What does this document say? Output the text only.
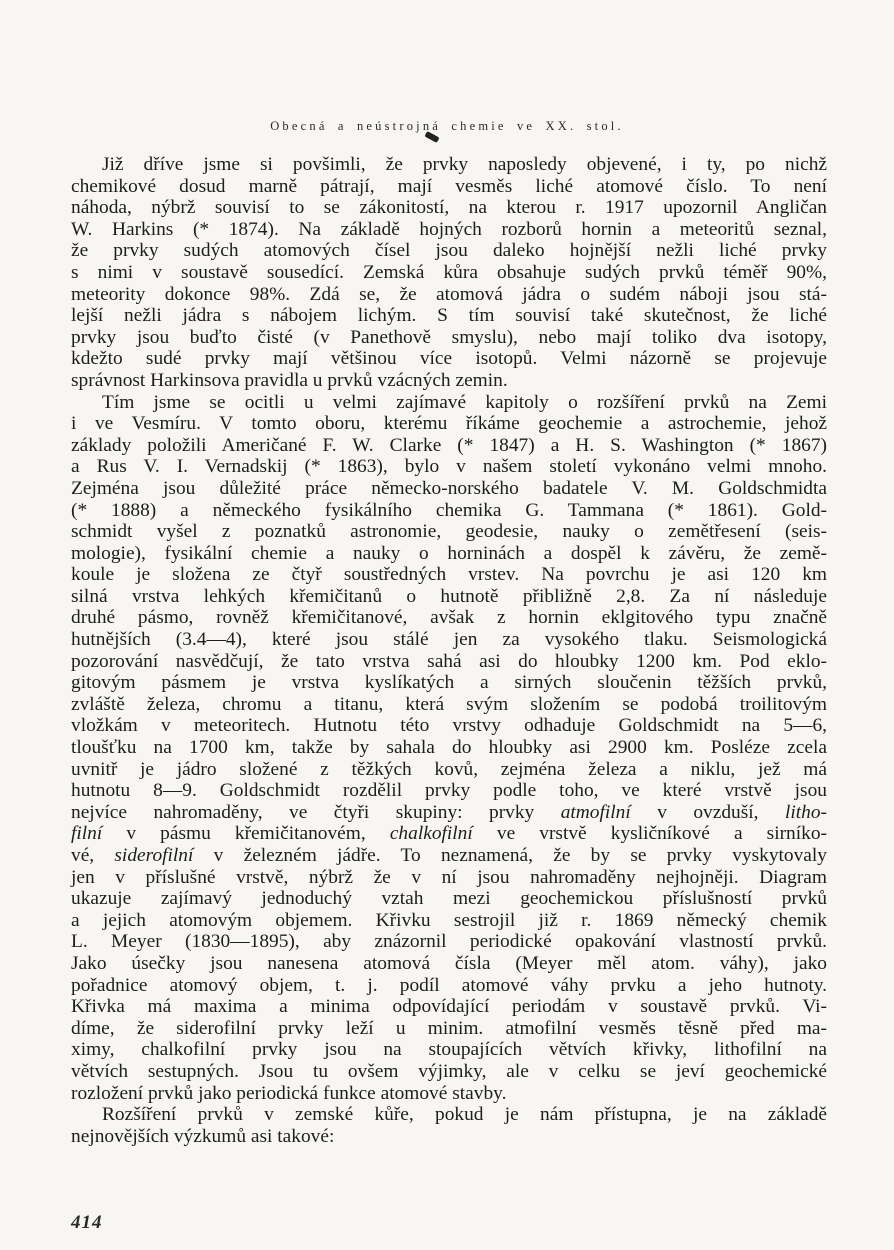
Obecná a neústrojná chemie ve XX. stol.
Již dříve jsme si povšimli, že prvky naposledy objevené, i ty, po nichž
chemikové dosud marně pátrají, mají vesměs liché atomové číslo. To není
náhoda, nýbrž souvisí to se zákonitostí, na kterou r. 1917 upozornil Angličan
W. Harkins (* 1874). Na základě hojných rozborů hornin a meteoritů seznal,
že prvky sudých atomových čísel jsou daleko hojnější nežli liché prvky
s nimi v soustavě sousedící. Zemská kůra obsahuje sudých prvků téměř 90%,
meteority dokonce 98%. Zdá se, že atomová jádra o sudém náboji jsou stá-
lejší nežli jádra s nábojem lichým. S tím souvisí také skutečnost, že liché
prvky jsou buďto čisté (v Panethově smyslu), nebo mají toliko dva isotopy,
kdežto sudé prvky mají většinou více isotopů. Velmi názorně se projevuje
správnost Harkinsova pravidla u prvků vzácných zemin.
Tím jsme se ocitli u velmi zajímavé kapitoly o rozšíření prvků na Zemi
i ve Vesmíru. V tomto oboru, kterému říkáme geochemie a astrochemie, jehož
základy položili Američané F. W. Clarke (* 1847) a H. S. Washington (* 1867)
a Rus V. I. Vernadskij (* 1863), bylo v našem století vykonáno velmi mnoho.
Zejména jsou důležité práce německo-norského badatele V. M. Goldschmidta
(* 1888) a německého fysikálního chemika G. Tammana (* 1861). Gold-
schmidt vyšel z poznatků astronomie, geodesie, nauky o zemětřesení (seis-
mologie), fysikální chemie a nauky o horninách a dospěl k závěru, že země-
koule je složena ze čtyř soustředných vrstev. Na povrchu je asi 120 km
silná vrstva lehkých křemičitanů o hutnotě přibližně 2,8. Za ní následuje
druhé pásmo, rovněž křemičitanové, avšak z hornin eklgitového typu značně
hutnějších (3.4—4), které jsou stálé jen za vysokého tlaku. Seismologická
pozorování nasvědčují, že tato vrstva sahá asi do hloubky 1200 km. Pod eklo-
gitovým pásmem je vrstva kyslíkatých a sirných sloučenin těžších prvků,
zvláště železa, chromu a titanu, která svým složením se podobá troilitovým
vložkám v meteoritech. Hutnotu této vrstvy odhaduje Goldschmidt na 5—6,
tloušťku na 1700 km, takže by sahala do hloubky asi 2900 km. Posléze zcela
uvnitř je jádro složené z těžkých kovů, zejména železa a niklu, jež má
hutnotu 8—9. Goldschmidt rozdělil prvky podle toho, ve které vrstvě jsou
nejvíce nahromaděny, ve čtyři skupiny: prvky atmofilní v ovzduší, litho-
filní v pásmu křemičitanovém, chalkofilní ve vrstvě kysličníkové a sirníko-
vé, siderofilní v železném jádře. To neznamená, že by se prvky vyskytovaly
jen v příslušné vrstvě, nýbrž že v ní jsou nahromaděny nejhojněji. Diagram
ukazuje zajímavý jednoduchý vztah mezi geochemickou příslušností prvků
a jejich atomovým objemem. Křivku sestrojil již r. 1869 německý chemik
L. Meyer (1830—1895), aby znázornil periodické opakování vlastností prvků.
Jako úsečky jsou nanesena atomová čísla (Meyer měl atom. váhy), jako
pořadnice atomový objem, t. j. podíl atomové váhy prvku a jeho hutnoty.
Křivka má maxima a minima odpovídající periodám v soustavě prvků. Vi-
díme, že siderofilní prvky leží u minim. atmofilní vesměs těsně před ma-
ximy, chalkofilní prvky jsou na stoupajících větvích křivky, lithofilní na
větvích sestupných. Jsou tu ovšem výjimky, ale v celku se jeví geochemické
rozložení prvků jako periodická funkce atomové stavby.
Rozšíření prvků v zemské kůře, pokud je nám přístupna, je na základě
nejnovějších výzkumů asi takové:
414
